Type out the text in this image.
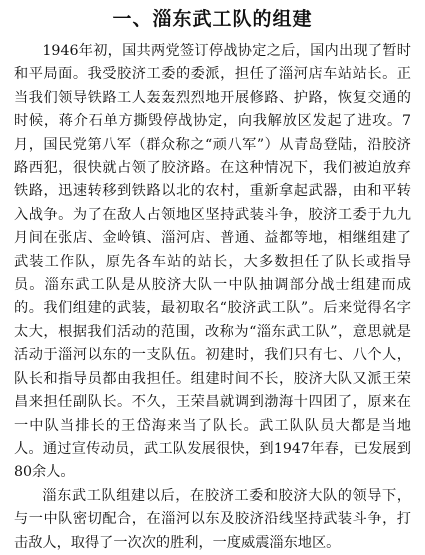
一、淄东武工队的组建

1946年初，国共两党签订停战协定之后，国内出现了暂时和平局面。我受胶济工委的委派，担任了淄河店车站站长。正当我们领导铁路工人轰轰烈烈地开展修路、护路，恢复交通的时候，蒋介石单方撕毁停战协定，向我解放区发起了进攻。7月，国民党第八军（群众称之“顽八军”）从青岛登陆，沿胶济路西犯，很快就占领了胶济路。在这种情况下，我们被迫放弃铁路，迅速转移到铁路以北的农村，重新拿起武器，由和平转入战争。为了在敌人占领地区坚持武装斗争，胶济工委于九九月间在张店、金岭镇、淄河店、普通、益都等地，相继组建了武装工作队，原先各车站的站长，大多数担任了队长或指导员。淄东武工队是从胶济大队一中队抽调部分战士组建而成的。我们组建的武装，最初取名“胶济武工队”。后来觉得名字太大，根据我们活动的范围，改称为“淄东武工队”，意思就是活动于淄河以东的一支队伍。初建时，我们只有七、八个人，队长和指导员都由我担任。组建时间不长，胶济大队又派王荣昌来担任副队长。不久，王荣昌就调到渤海十四团了，原来在一中队当排长的王岱海来当了队长。武工队队员大都是当地人。通过宣传动员，武工队发展很快，到1947年春，已发展到80余人。

淄东武工队组建以后，在胶济工委和胶济大队的领导下，与一中队密切配合，在淄河以东及胶济沿线坚持武装斗争，打击敌人，取得了一次次的胜利，一度威震淄东地区。
